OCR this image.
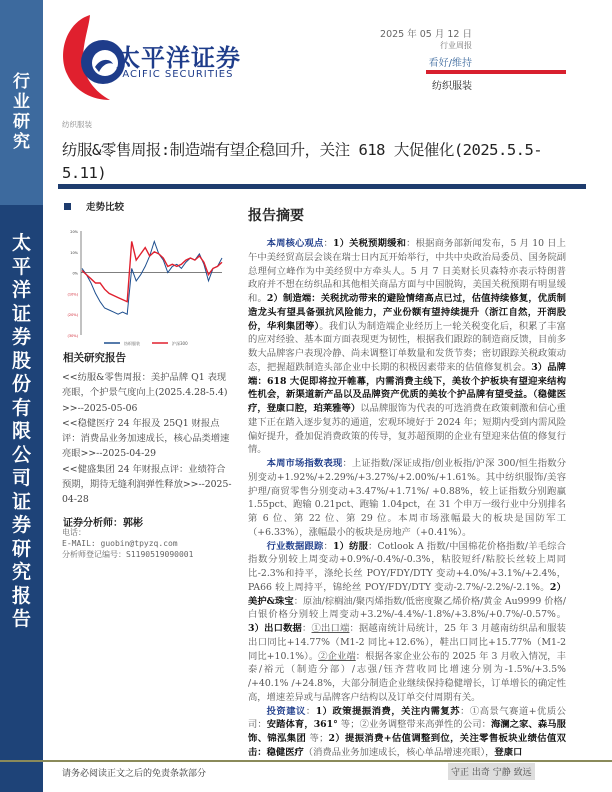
行业研究
太平洋证券股份有限公司证券研究报告
太平洋证券
PACIFIC SECURITIES
2025 年 05 月 12 日
行业周报
看好/维持
纺织服装
纺织服装
纺服&零售周报:制造端有望企稳回升，关注 618 大促催化(2025.5.5-5.11)
走势比较
20%
10%
0%
(10%)
(20%)
(30%)
纺织服装	沪深300
相关研究报告
<<纺服&零售周报：美护品牌 Q1 表现亮眼，个护景气度向上(2025.4.28-5.4)>>--2025-05-06
<<稳健医疗 24 年报及 25Q1 财报点评：消费品业务加速成长，核心品类增速亮眼>>--2025-04-29
<<健盛集团 24 年财报点评：业绩符合预期，期待无缝利润弹性释放>>--2025-04-28
证券分析师：郭彬
电话：
E-MAIL: guobin@tpyzq.com
分析师登记编号：S1190519090001
报告摘要

本周核心观点：1）关税预期缓和：根据商务部新闻发布，5 月 10 日上午中美经贸高层会谈在瑞士日内瓦开始举行，中共中央政治局委员、国务院副总理何立峰作为中美经贸中方牵头人。5 月 7 日美财长贝森特亦表示特朗普政府并不想在纺织品和其他相关商品方面与中国脱钩，美国关税预期有明显缓和。2）制造端：关税扰动带来的避险情绪高点已过，估值持续修复，优质制造龙头有望具备强抗风险能力，产业份额有望持续提升（浙江自然，开润股份，华利集团等）。我们认为制造端企业经历上一轮关税变化后，积累了丰富的应对经验、基本面方面表现更为韧性，根据我们跟踪的制造商反馈，目前多数大品牌客户表现冷静、尚未调整订单数量和发货节奏；密切跟踪关税政策动态，把握超跌制造头部企业中长期的积极因素带来的估值修复机会。3）品牌端：618 大促即将拉开帷幕，内需消费主线下，美妆个护板块有望迎来结构性机会，新渠道新产品以及品牌资产优质的美妆个护品牌有望受益。（稳健医疗，登康口腔，珀莱雅等）以品牌服饰为代表的可选消费在政策刺激和信心重建下正在踏入逐步复苏的通道，宏观环境好于 2024 年；短期内受到内需风险偏好提升，叠加促消费政策的传导，复苏超预期的企业有望迎来估值的修复行情。

本周市场指数表现：上证指数/深证成指/创业板指/沪深 300/恒生指数分别变动+1.92%/+2.29%/+3.27%/+2.00%/+1.61%。其中纺织服饰/美容护理/商贸零售分别变动+3.47%/+1.71%/ +0.88%，较上证指数分别跑赢 1.55pct、跑输 0.21pct、跑输 1.04pct，在 31 个申万一级行业中分别排名第 6 位、第 22 位、第 29 位。本周市场涨幅最大的板块是国防军工（+6.33%），涨幅最小的板块是房地产（+0.41%）。

行业数据跟踪：1）纺服：Cotlook A 指数/中国棉花价格指数/羊毛综合指数分别较上周变动+0.9%/-0.4%/-0.3%，粘胶短纤/粘胶长丝较上周同比-2.3%和持平，涤纶长丝 POY/FDY/DTY 变动+4.0%/+3.1%/+2.4%，PA66 较上周持平，锦纶丝 POY/FDY/DTY 变动-2.7%/-2.2%/-2.1%。2）美护&珠宝：原油/棕榈油/聚丙烯指数/低密度聚乙烯价格/黄金 Au9999 价格/白银价格分别较上周变动+3.2%/-4.4%/-1.8%/+3.8%/+0.7%/-0.57%。3）出口数据：①出口端：据越南统计局统计，25 年 3 月越南纺织品和服装出口同比+14.77%（M1-2 同比+12.6%），鞋出口同比+15.77%（M1-2 同比+10.1%）。②企业端：根据各家企业公布的 2025 年 3 月收入情况，丰泰/裕元（制造分部）/志强/钰齐营收同比增速分别为-1.5%/+3.5% /+40.1% /+24.8%，大部分制造企业继续保持稳健增长，订单增长的确定性高，增速差异或与品牌客户结构以及订单交付周期有关。

投资建议：1）政策提振消费，关注内需复苏：①高景气赛道+优质公司：安踏体育，361° 等；②业务调整带来高弹性的公司：海澜之家、森马服饰、锦泓集团 等；2）提振消费+估值调整到位，关注零售板块业绩估值双击：稳健医疗（消费品业务加速成长，核心单品增速亮眼），登康口

请务必阅读正文之后的免责条款部分	守正 出奇 宁静 致远
